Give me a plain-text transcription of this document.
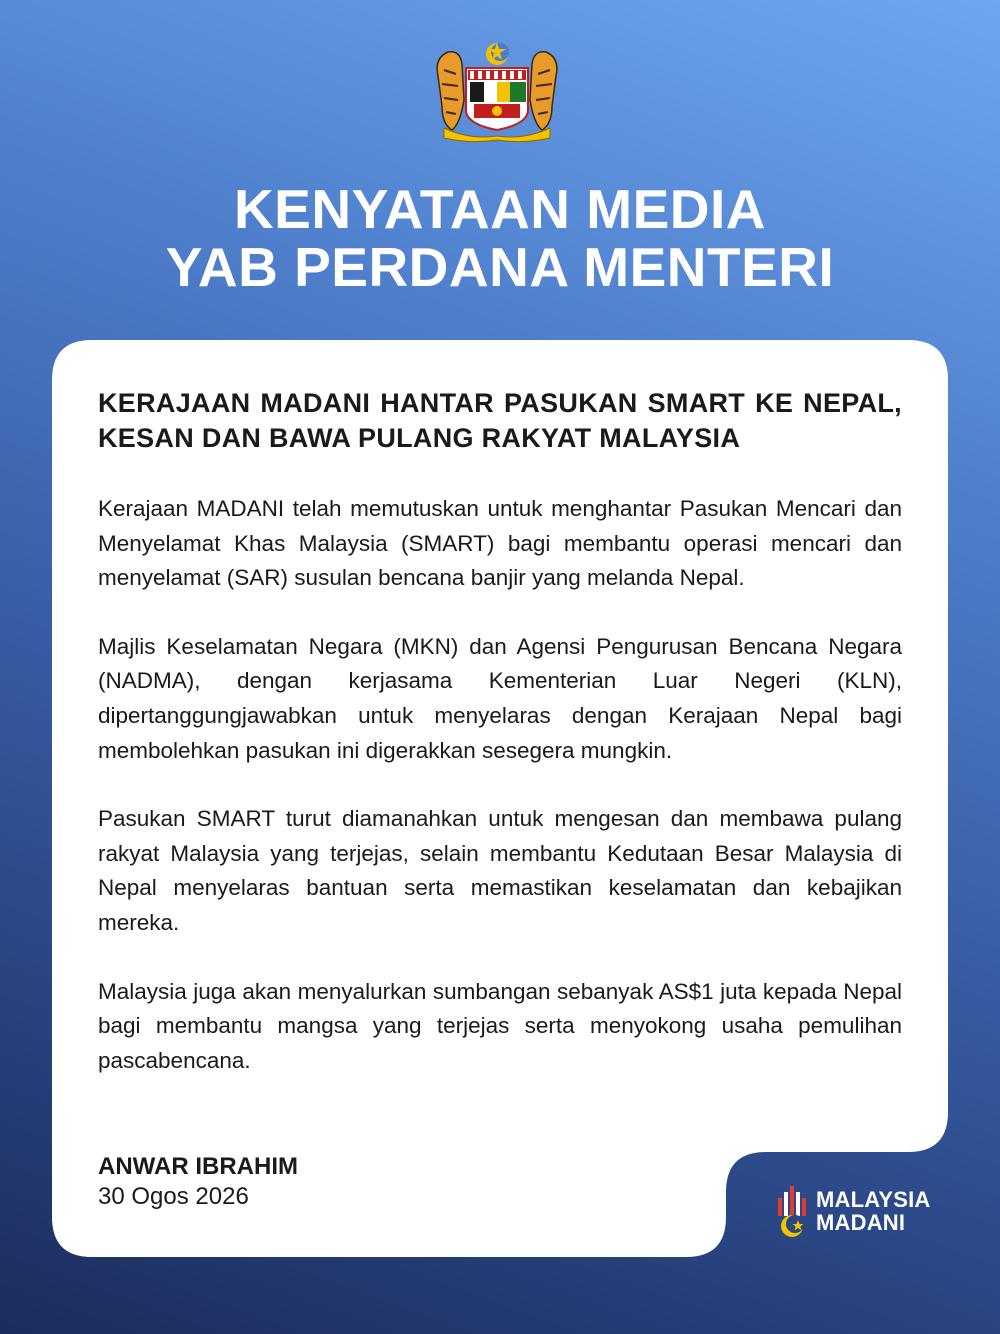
KENYATAAN MEDIA
YAB PERDANA MENTERI
KERAJAAN MADANI HANTAR PASUKAN SMART KE NEPAL, KESAN DAN BAWA PULANG RAKYAT MALAYSIA

Kerajaan MADANI telah memutuskan untuk menghantar Pasukan Mencari dan Menyelamat Khas Malaysia (SMART) bagi membantu operasi mencari dan menyelamat (SAR) susulan bencana banjir yang melanda Nepal.

Majlis Keselamatan Negara (MKN) dan Agensi Pengurusan Bencana Negara (NADMA), dengan kerjasama Kementerian Luar Negeri (KLN), dipertanggungjawabkan untuk menyelaras dengan Kerajaan Nepal bagi membolehkan pasukan ini digerakkan sesegera mungkin.

Pasukan SMART turut diamanahkan untuk mengesan dan membawa pulang rakyat Malaysia yang terjejas, selain membantu Kedutaan Besar Malaysia di Nepal menyelaras bantuan serta memastikan keselamatan dan kebajikan mereka.

Malaysia juga akan menyalurkan sumbangan sebanyak AS$1 juta kepada Nepal bagi membantu mangsa yang terjejas serta menyokong usaha pemulihan pascabencana.

ANWAR IBRAHIM
30 Ogos 2026	MALAYSIA
MADANI
